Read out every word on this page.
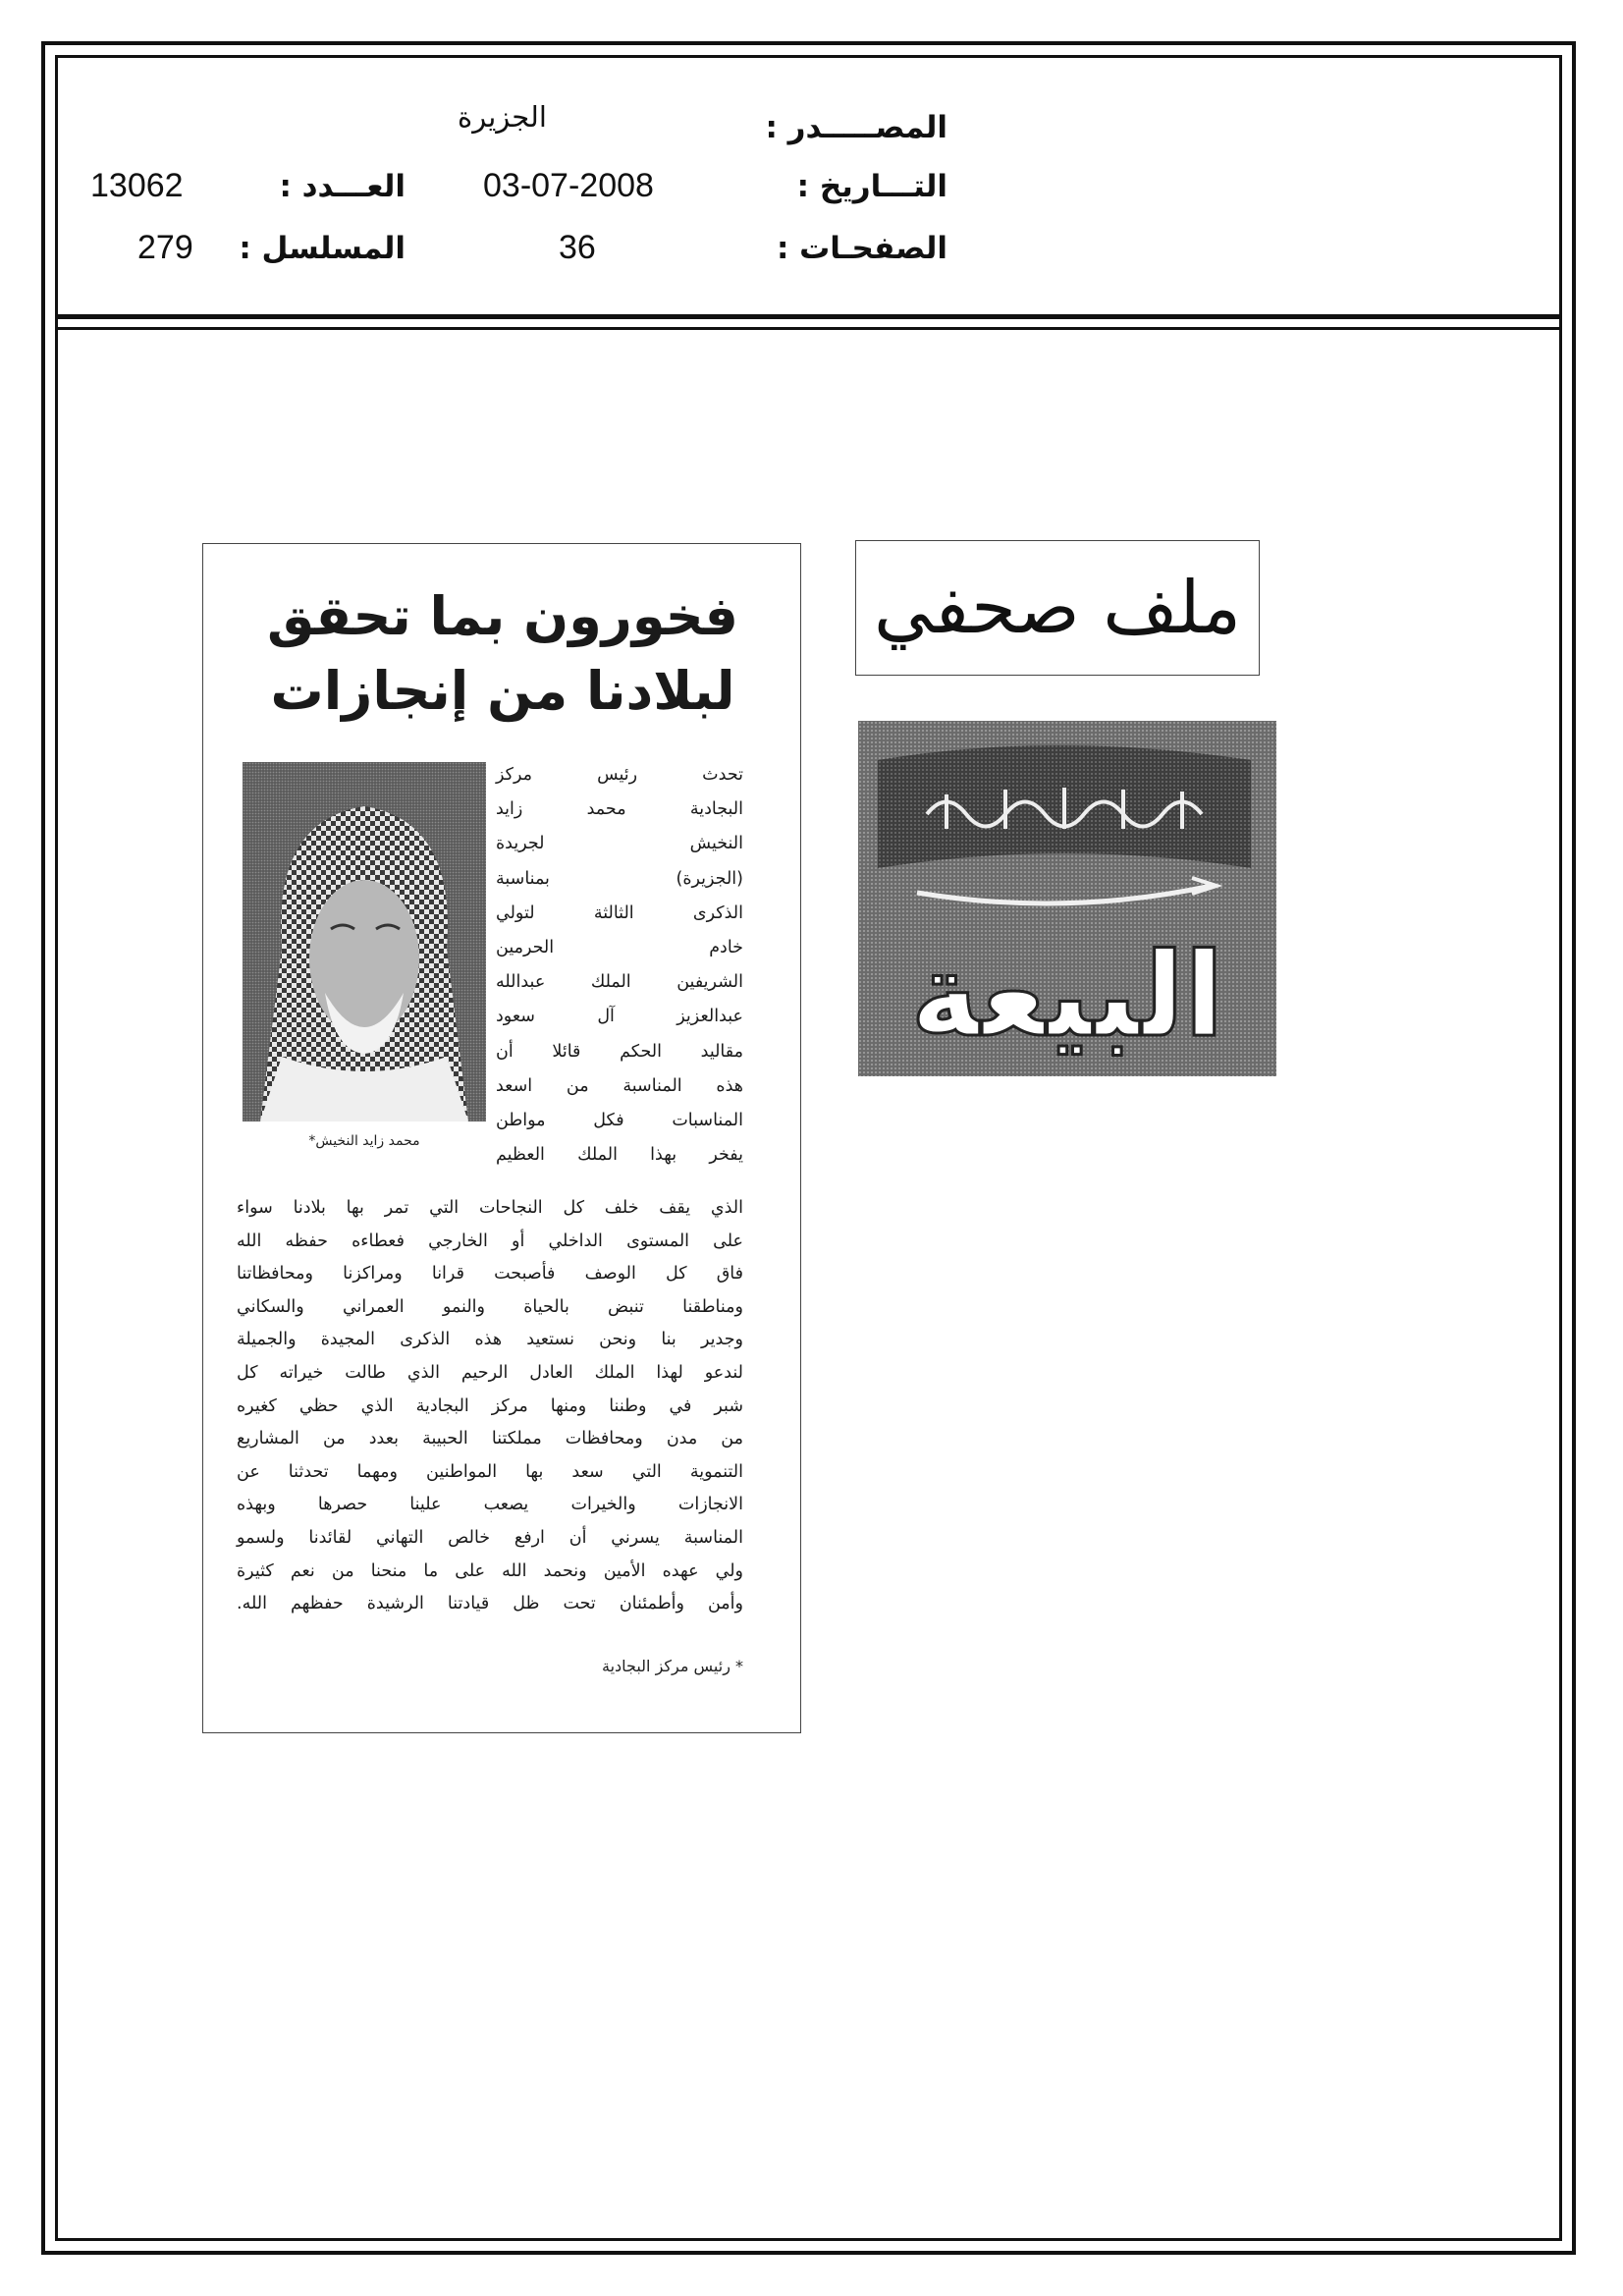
المصـــــدر :
الجزيرة
التـــاريخ :
03-07-2008
العـــدد :
13062
الصفحـات :
36
المسلسل :
279
ملف صحفي
البيعة
فخورون بما تحقق
لبلادنا من إنجازات
محمد زايد النخيش*
تحدث رئيس مركز
البجادية محمد زايد
النخيش لجريدة
(الجزيرة) بمناسبة
الذكرى الثالثة لتولي
خادم الحرمين
الشريفين الملك عبدالله
عبدالعزيز آل سعود
مقاليد الحكم قائلا أن
هذه المناسبة من اسعد
المناسبات فكل مواطن
يفخر بهذا الملك العظيم
الذي يقف خلف كل النجاحات التي تمر بها بلادنا سواء
على المستوى الداخلي أو الخارجي فعطاءه حفظه الله
فاق كل الوصف فأصبحت قرانا ومراكزنا ومحافظاتنا
ومناطقنا تنبض بالحياة والنمو العمراني والسكاني
وجدير بنا ونحن نستعيد هذه الذكرى المجيدة والجميلة
لندعو لهذا الملك العادل الرحيم الذي طالت خيراته كل
شبر في وطننا ومنها مركز البجادية الذي حظي كغيره
من مدن ومحافظات مملكتنا الحبيبة بعدد من المشاريع
التنموية التي سعد بها المواطنين ومهما تحدثنا عن
الانجازات والخيرات يصعب علينا حصرها وبهذه
المناسبة يسرني أن ارفع خالص التهاني لقائدنا ولسمو
ولي عهده الأمين ونحمد الله على ما منحنا من نعم كثيرة
وأمن وأطمئنان تحت ظل قيادتنا الرشيدة حفظهم الله.
* رئيس مركز البجادية
